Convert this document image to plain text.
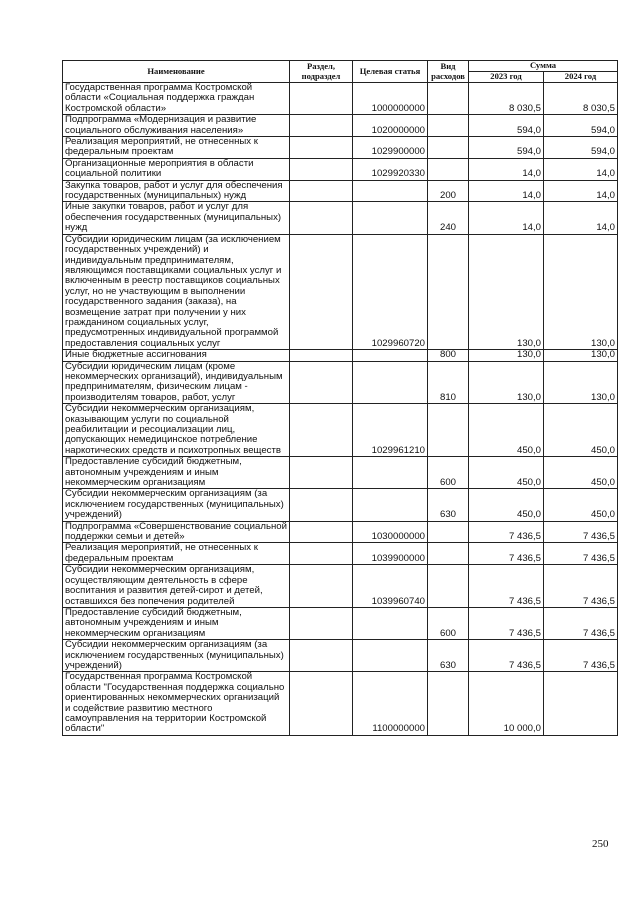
Наименование	Раздел, подраздел	Целевая статья	Вид расходов	Сумма	
				2023 год	2024 год
Государственная программа Костромской области «Социальная поддержка граждан Костромской области»		1000000000		8 030,5	8 030,5
Подпрограмма «Модернизация и развитие социального обслуживания населения»		1020000000		594,0	594,0
Реализация мероприятий, не отнесенных к федеральным проектам		1029900000		594,0	594,0
Организационные мероприятия в области социальной политики		1029920330		14,0	14,0
Закупка товаров, работ и услуг для обеспечения государственных (муниципальных) нужд			200	14,0	14,0
Иные закупки товаров, работ и услуг для обеспечения государственных (муниципальных) нужд			240	14,0	14,0
Субсидии юридическим лицам (за исключением государственных учреждений) и индивидуальным предпринимателям, являющимся поставщиками социальных услуг и включенным в реестр поставщиков социальных услуг, но не участвующим в выполнении государственного задания (заказа), на возмещение затрат при получении у них гражданином социальных услуг, предусмотренных индивидуальной программой предоставления социальных услуг		1029960720		130,0	130,0
Иные бюджетные ассигнования			800	130,0	130,0
Субсидии юридическим лицам (кроме некоммерческих организаций), индивидуальным предпринимателям, физическим лицам - производителям товаров, работ, услуг			810	130,0	130,0
Субсидии некоммерческим организациям, оказывающим услуги по социальной реабилитации и ресоциализации лиц, допускающих немедицинское потребление наркотических средств и психотропных веществ		1029961210		450,0	450,0
Предоставление субсидий бюджетным, автономным учреждениям и иным некоммерческим организациям			600	450,0	450,0
Субсидии некоммерческим организациям (за исключением государственных (муниципальных) учреждений)			630	450,0	450,0
Подпрограмма «Совершенствование социальной поддержки семьи и детей»		1030000000		7 436,5	7 436,5
Реализация мероприятий, не отнесенных к федеральным проектам		1039900000		7 436,5	7 436,5
Субсидии некоммерческим организациям, осуществляющим деятельность в сфере воспитания и развития детей-сирот и детей, оставшихся без попечения родителей		1039960740		7 436,5	7 436,5
Предоставление субсидий бюджетным, автономным учреждениям и иным некоммерческим организациям			600	7 436,5	7 436,5
Субсидии некоммерческим организациям (за исключением государственных (муниципальных) учреждений)			630	7 436,5	7 436,5
Государственная программа Костромской области "Государственная поддержка социально ориентированных некоммерческих организаций и содействие развитию местного самоуправления на территории Костромской области"		1100000000		10 000,0	
250
